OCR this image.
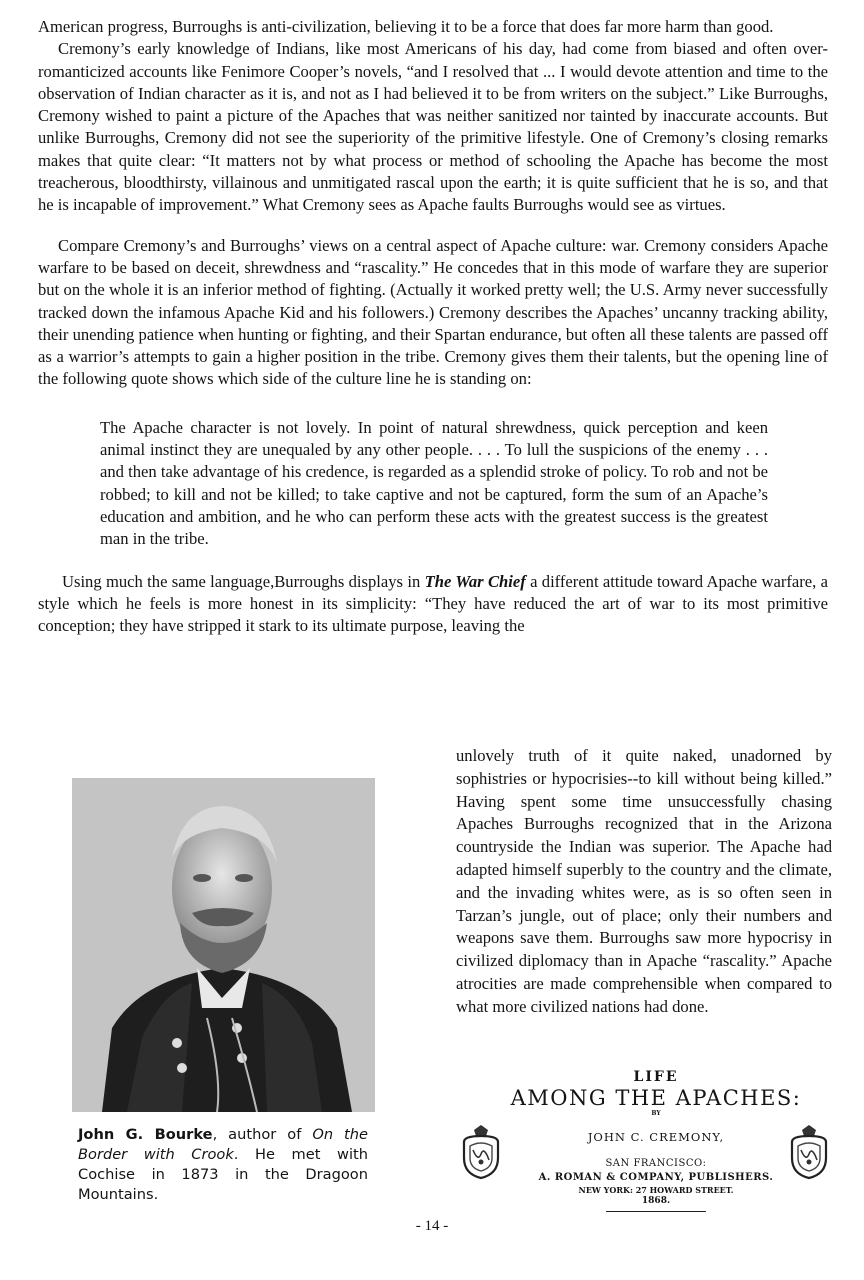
American progress, Burroughs is anti-civilization, believing it to be a force that does far more harm than good.

Cremony’s early knowledge of Indians, like most Americans of his day, had come from biased and often over-romanticized accounts like Fenimore Cooper’s novels, “and I resolved that ... I would devote attention and time to the observation of Indian character as it is, and not as I had believed it to be from writers on the subject.” Like Burroughs, Cremony wished to paint a picture of the Apaches that was neither sanitized nor tainted by inaccurate accounts. But unlike Burroughs, Cremony did not see the superiority of the primitive lifestyle. One of Cremony’s closing remarks makes that quite clear: “It matters not by what process or method of schooling the Apache has become the most treacherous, bloodthirsty, villainous and unmitigated rascal upon the earth; it is quite sufficient that he is so, and that he is incapable of improvement.” What Cremony sees as Apache faults Burroughs would see as virtues.

Compare Cremony’s and Burroughs’ views on a central aspect of Apache culture: war. Cremony considers Apache warfare to be based on deceit, shrewdness and “rascality.” He concedes that in this mode of warfare they are superior but on the whole it is an inferior method of fighting. (Actually it worked pretty well; the U.S. Army never successfully tracked down the infamous Apache Kid and his followers.) Cremony describes the Apaches’ uncanny tracking ability, their unending patience when hunting or fighting, and their Spartan endurance, but often all these talents are passed off as a warrior’s attempts to gain a higher position in the tribe. Cremony gives them their talents, but the opening line of the following quote shows which side of the culture line he is standing on:

The Apache character is not lovely. In point of natural shrewdness, quick perception and keen animal instinct they are unequaled by any other people. . . . To lull the suspicions of the enemy . . . and then take advantage of his credence, is regarded as a splendid stroke of policy. To rob and not be robbed; to kill and not be killed; to take captive and not be captured, form the sum of an Apache’s education and ambition, and he who can perform these acts with the greatest success is the greatest man in the tribe.

Using much the same language,Burroughs displays in The War Chief a different attitude toward Apache warfare, a style which he feels is more honest in its simplicity: “They have reduced the art of war to its most primitive conception; they have stripped it stark to its ultimate purpose, leaving the

unlovely truth of it quite naked, unadorned by sophistries or hypocrisies--to kill without being killed.” Having spent some time unsuccessfully chasing Apaches Burroughs recognized that in the Arizona countryside the Indian was superior. The Apache had adapted himself superbly to the country and the climate, and the invading whites were, as is so often seen in Tarzan’s jungle, out of place; only their numbers and weapons save them. Burroughs saw more hypocrisy in civilized diplomacy than in Apache “rascality.” Apache atrocities are made comprehensible when compared to what more civilized nations had done.

John G. Bourke, author of On the Border with Crook. He met with Cochise in 1873 in the Dragoon Mountains.
LIFE
AMONG THE APACHES:
BY
JOHN C. CREMONY,
SAN FRANCISCO:
A. ROMAN & COMPANY, PUBLISHERS.
NEW YORK: 27 HOWARD STREET.
1868.
- 14 -
